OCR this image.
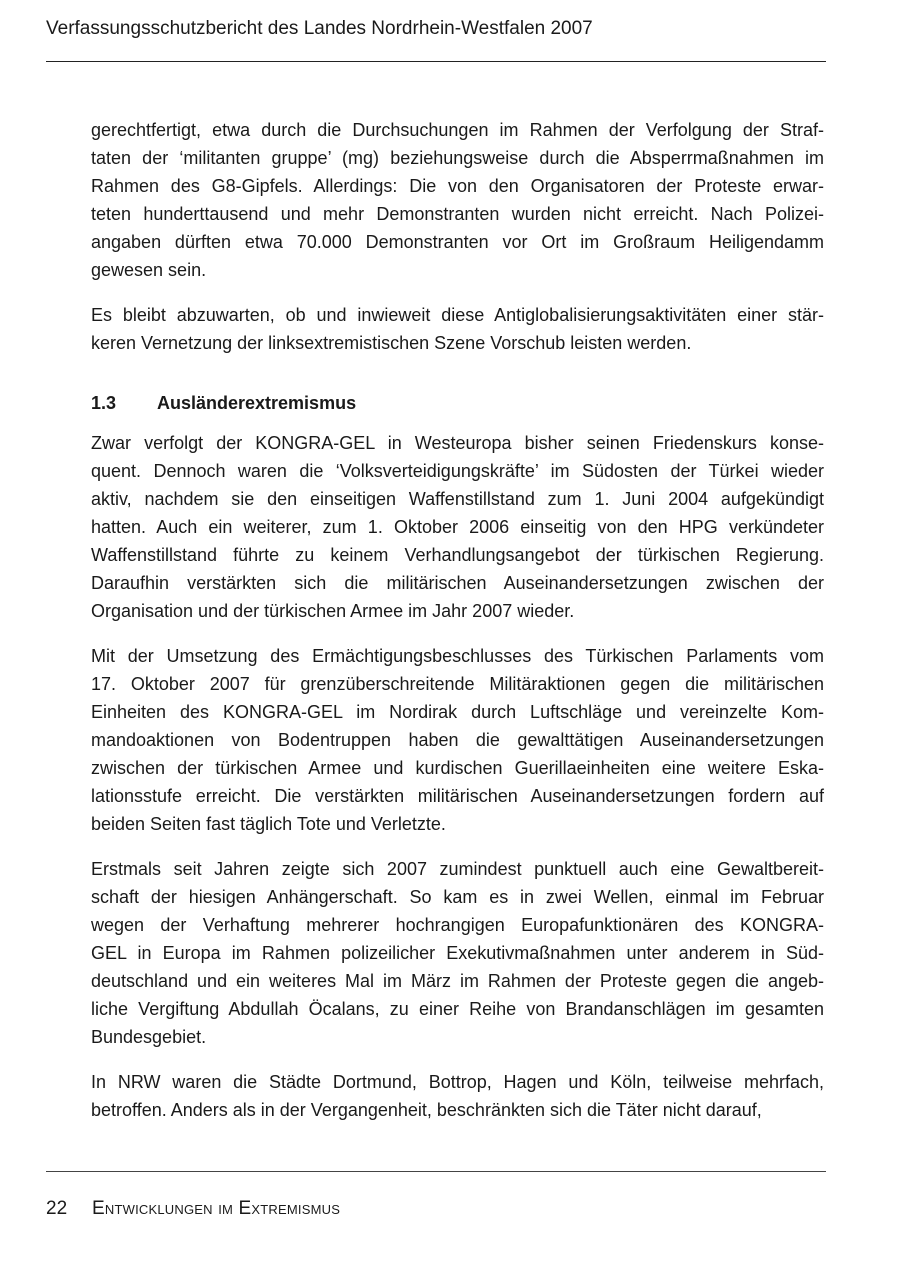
Verfassungsschutzbericht des Landes Nordrhein-Westfalen 2007

gerechtfertigt, etwa durch die Durchsuchungen im Rahmen der Verfolgung der Straf-
taten der ‘militanten gruppe’ (mg) beziehungsweise durch die Absperrmaßnahmen im
Rahmen des G8-Gipfels. Allerdings: Die von den Organisatoren der Proteste erwar-
teten hunderttausend und mehr Demonstranten wurden nicht erreicht. Nach Polizei-
angaben dürften etwa 70.000 Demonstranten vor Ort im Großraum Heiligendamm
gewesen sein.

Es bleibt abzuwarten, ob und inwieweit diese Antiglobalisierungsaktivitäten einer stär-
keren Vernetzung der linksextremistischen Szene Vorschub leisten werden.

1.3 Ausländerextremismus

Zwar verfolgt der KONGRA-GEL in Westeuropa bisher seinen Friedenskurs konse-
quent. Dennoch waren die ‘Volksverteidigungskräfte’ im Südosten der Türkei wieder
aktiv, nachdem sie den einseitigen Waffenstillstand zum 1. Juni 2004 aufgekündigt
hatten. Auch ein weiterer, zum 1. Oktober 2006 einseitig von den HPG verkündeter
Waffenstillstand führte zu keinem Verhandlungsangebot der türkischen Regierung.
Daraufhin verstärkten sich die militärischen Auseinandersetzungen zwischen der
Organisation und der türkischen Armee im Jahr 2007 wieder.

Mit der Umsetzung des Ermächtigungsbeschlusses des Türkischen Parlaments vom
17. Oktober 2007 für grenzüberschreitende Militäraktionen gegen die militärischen
Einheiten des KONGRA-GEL im Nordirak durch Luftschläge und vereinzelte Kom-
mandoaktionen von Bodentruppen haben die gewalttätigen Auseinandersetzungen
zwischen der türkischen Armee und kurdischen Guerillaeinheiten eine weitere Eska-
lationsstufe erreicht. Die verstärkten militärischen Auseinandersetzungen fordern auf
beiden Seiten fast täglich Tote und Verletzte.

Erstmals seit Jahren zeigte sich 2007 zumindest punktuell auch eine Gewaltbereit-
schaft der hiesigen Anhängerschaft. So kam es in zwei Wellen, einmal im Februar
wegen der Verhaftung mehrerer hochrangigen Europafunktionären des KONGRA-
GEL in Europa im Rahmen polizeilicher Exekutivmaßnahmen unter anderem in Süd-
deutschland und ein weiteres Mal im März im Rahmen der Proteste gegen die angeb-
liche Vergiftung Abdullah Öcalans, zu einer Reihe von Brandanschlägen im gesamten
Bundesgebiet.

In NRW waren die Städte Dortmund, Bottrop, Hagen und Köln, teilweise mehrfach,
betroffen. Anders als in der Vergangenheit, beschränkten sich die Täter nicht darauf,

22 Entwicklungen im Extremismus
